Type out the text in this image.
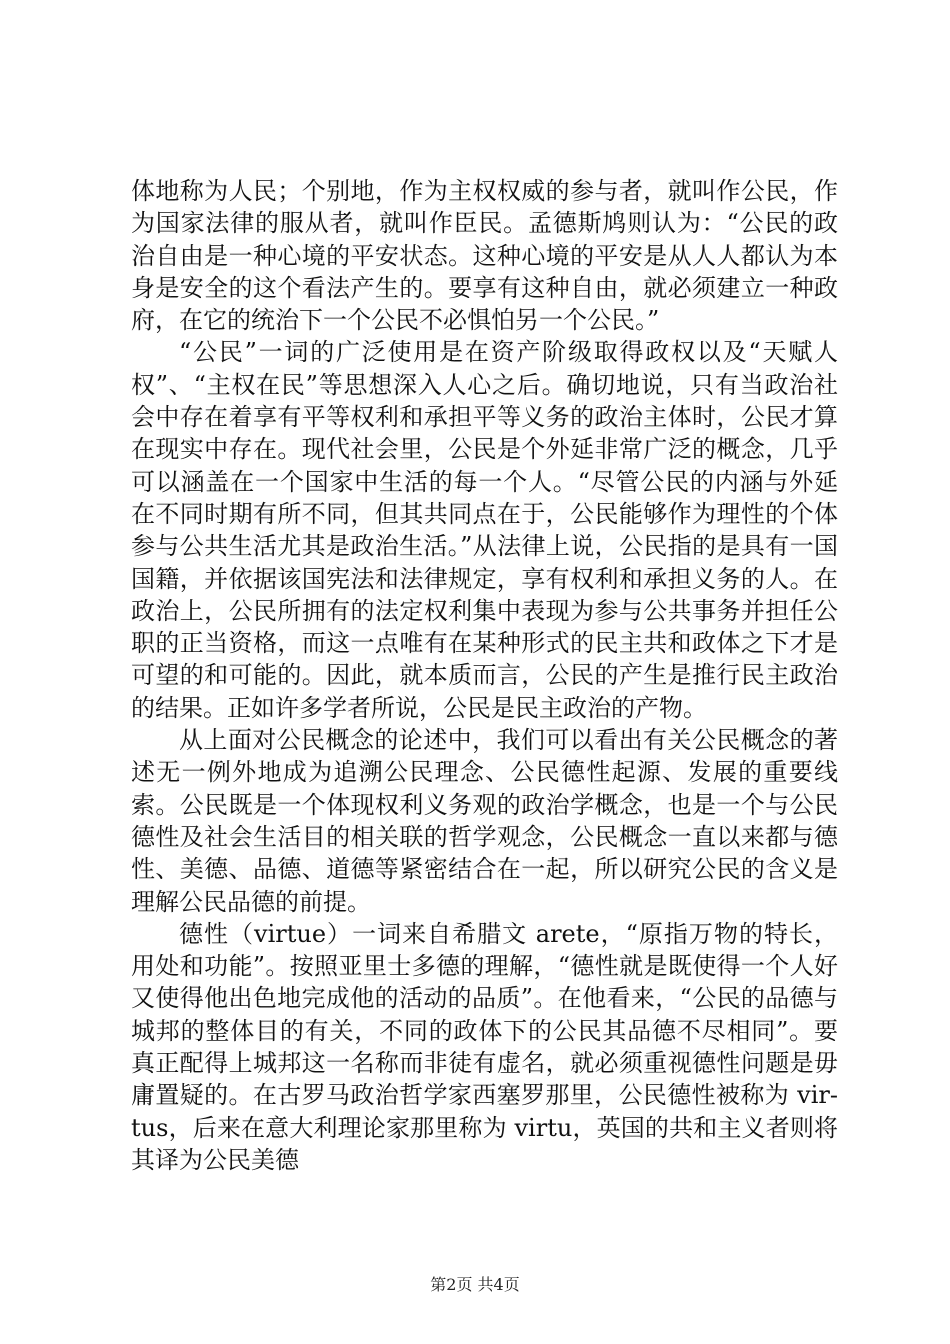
体地称为人民；个别地，作为主权权威的参与者，就叫作公民，作为国家法律的服从者，就叫作臣民。孟德斯鸠则认为：“公民的政治自由是一种心境的平安状态。这种心境的平安是从人人都认为本身是安全的这个看法产生的。要享有这种自由，就必须建立一种政府，在它的统治下一个公民不必惧怕另一个公民。”

“公民”一词的广泛使用是在资产阶级取得政权以及“天赋人权”、“主权在民”等思想深入人心之后。确切地说，只有当政治社会中存在着享有平等权利和承担平等义务的政治主体时，公民才算在现实中存在。现代社会里，公民是个外延非常广泛的概念，几乎可以涵盖在一个国家中生活的每一个人。“尽管公民的内涵与外延在不同时期有所不同，但其共同点在于，公民能够作为理性的个体参与公共生活尤其是政治生活。”从法律上说，公民指的是具有一国国籍，并依据该国宪法和法律规定，享有权利和承担义务的人。在政治上，公民所拥有的法定权利集中表现为参与公共事务并担任公职的正当资格，而这一点唯有在某种形式的民主共和政体之下才是可望的和可能的。因此，就本质而言，公民的产生是推行民主政治的结果。正如许多学者所说，公民是民主政治的产物。

从上面对公民概念的论述中，我们可以看出有关公民概念的著述无一例外地成为追溯公民理念、公民德性起源、发展的重要线索。公民既是一个体现权利义务观的政治学概念，也是一个与公民德性及社会生活目的相关联的哲学观念，公民概念一直以来都与德性、美德、品德、道德等紧密结合在一起，所以研究公民的含义是理解公民品德的前提。

德性（virtue）一词来自希腊文 arete，“原指万物的特长，用处和功能”。按照亚里士多德的理解，“德性就是既使得一个人好又使得他出色地完成他的活动的品质”。在他看来，“公民的品德与城邦的整体目的有关，不同的政体下的公民其品德不尽相同”。要真正配得上城邦这一名称而非徒有虚名，就必须重视德性问题是毋庸置疑的。在古罗马政治哲学家西塞罗那里，公民德性被称为 vir-tus，后来在意大利理论家那里称为 virtu，英国的共和主义者则将其译为公民美德

第2页 共4页
